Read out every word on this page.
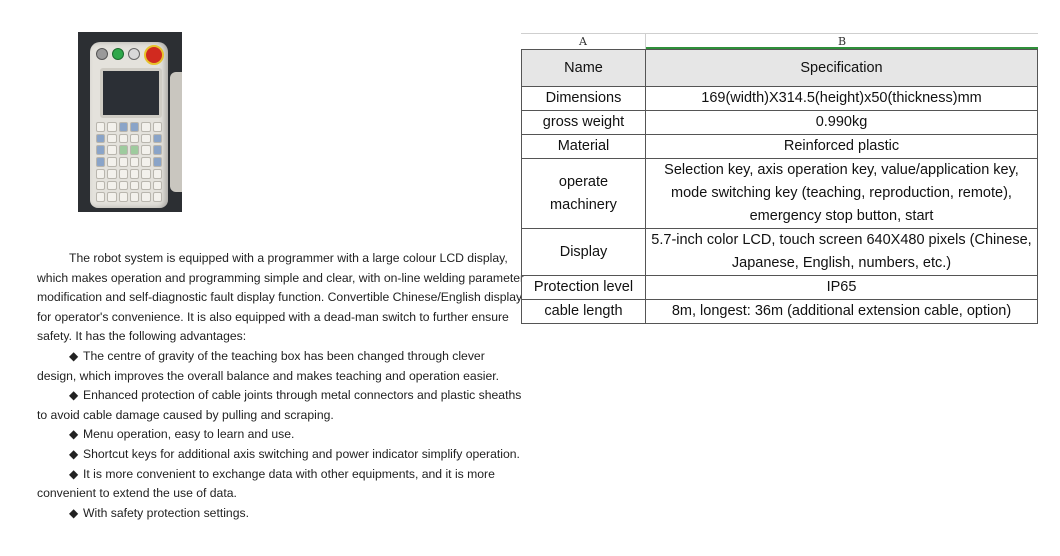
The robot system is equipped with a programmer with a large colour LCD display, which makes operation and programming simple and clear, with on-line welding parameter modification and self-diagnostic fault display function. Convertible Chinese/English display for operator's convenience. It is also equipped with a dead-man switch to further ensure safety. It has the following advantages:

◆ The centre of gravity of the teaching box has been changed through clever design, which improves the overall balance and makes teaching and operation easier.

◆ Enhanced protection of cable joints through metal connectors and plastic sheaths to avoid cable damage caused by pulling and scraping.

◆ Menu operation, easy to learn and use.

◆ Shortcut keys for additional axis switching and power indicator simplify operation.

◆ It is more convenient to exchange data with other equipments, and it is more convenient to extend the use of data.

◆ With safety protection settings.

A	B
Name	Specification
Dimensions	169(width)X314.5(height)x50(thickness)mm
gross weight	0.990kg
Material	Reinforced plastic
operate machinery	Selection key, axis operation key, value/application key, mode switching key (teaching, reproduction, remote), emergency stop button, start
Display	5.7-inch color LCD, touch screen 640X480 pixels (Chinese, Japanese, English, numbers, etc.)
Protection level	IP65
cable length	8m, longest: 36m (additional extension cable, option)
